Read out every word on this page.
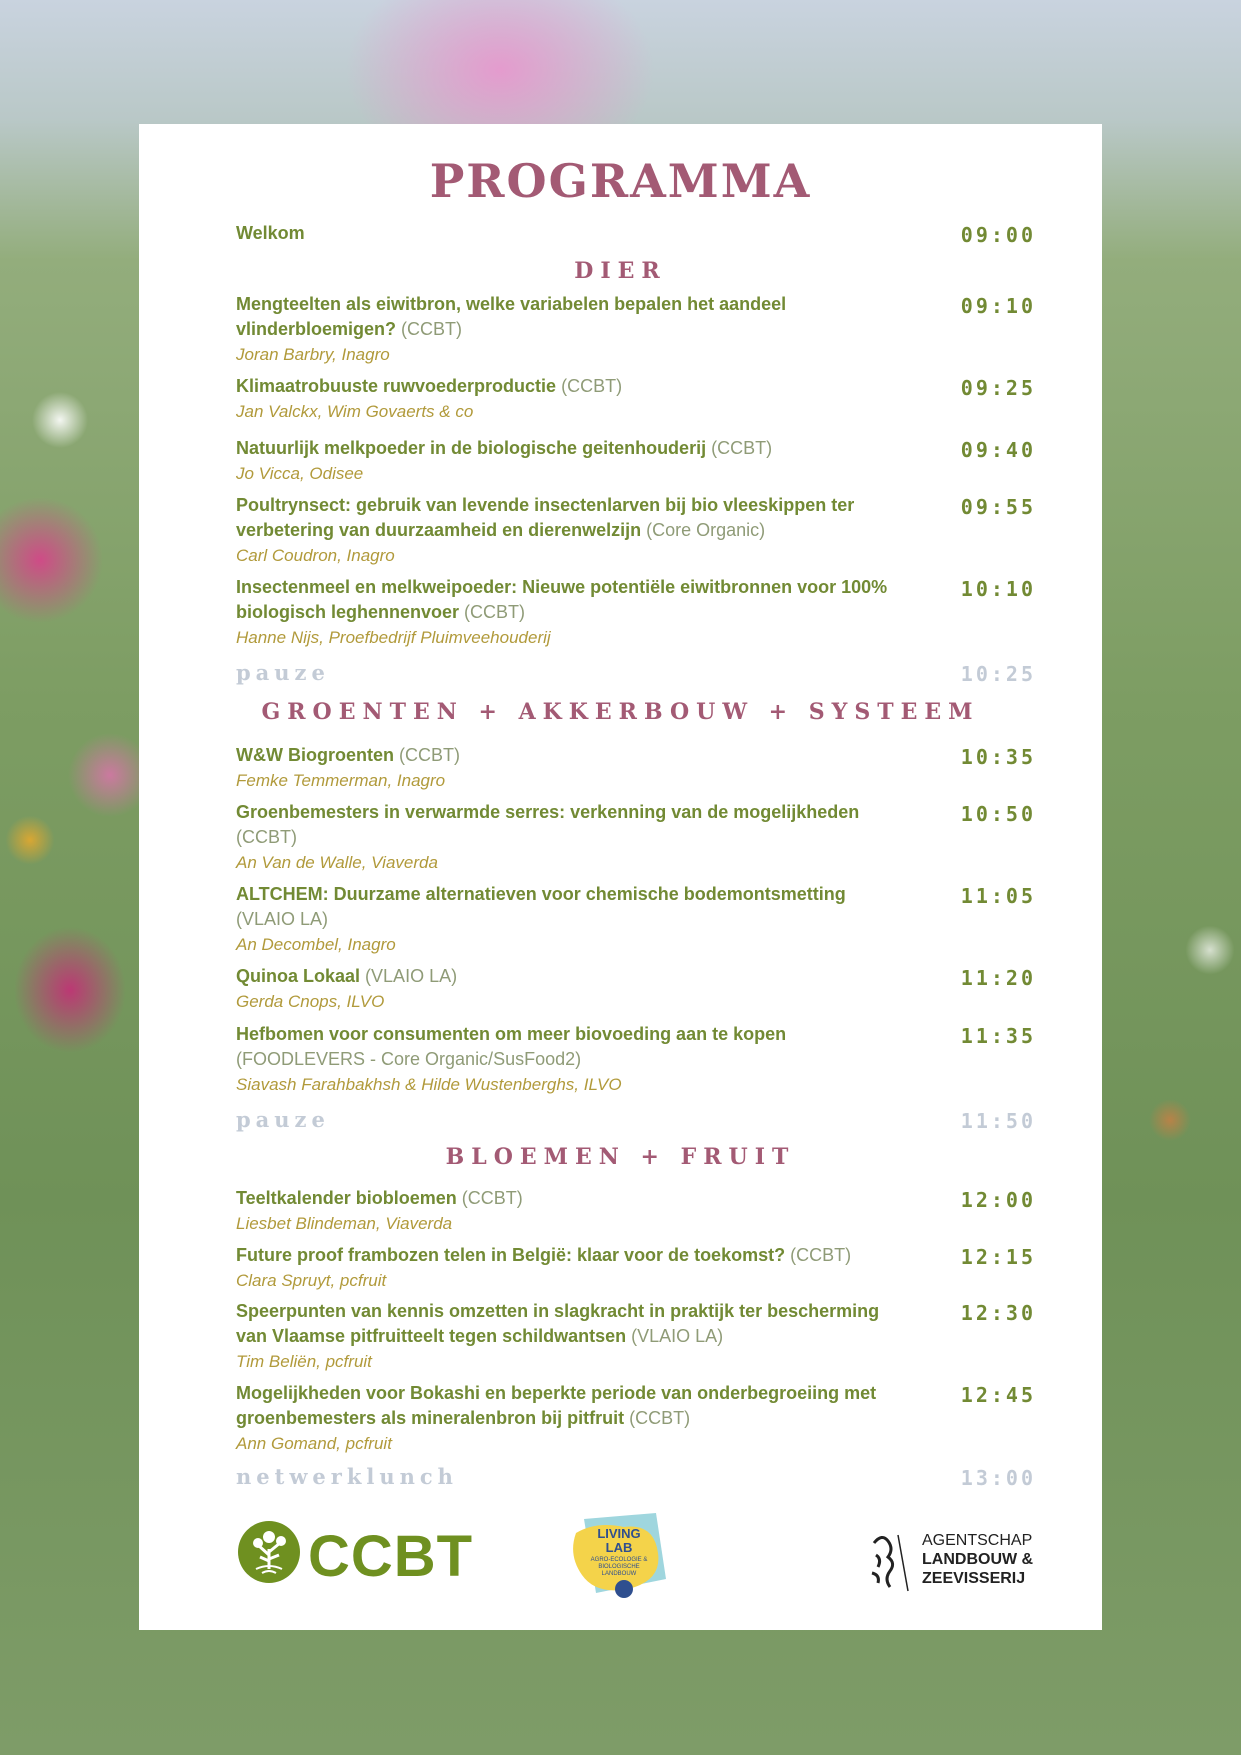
PROGRAMMA
Welkom	09:00
DIER
Mengteelten als eiwitbron, welke variabelen bepalen het aandeel vlinderbloemigen? (CCBT)
Joran Barbry, Inagro
09:10
Klimaatrobuuste ruwvoederproductie (CCBT)
Jan Valckx, Wim Govaerts & co
09:25
Natuurlijk melkpoeder in de biologische geitenhouderij (CCBT)
Jo Vicca, Odisee
09:40
Poultrynsect: gebruik van levende insectenlarven bij bio vleeskippen ter verbetering van duurzaamheid en dierenwelzijn (Core Organic)
Carl Coudron, Inagro
09:55
Insectenmeel en melkweipoeder: Nieuwe potentiële eiwitbronnen voor 100% biologisch leghennenvoer (CCBT)
Hanne Nijs, Proefbedrijf Pluimveehouderij
10:10
pauze	10:25
GROENTEN + AKKERBOUW + SYSTEEM
W&W Biogroenten (CCBT)
Femke Temmerman, Inagro
10:35
Groenbemesters in verwarmde serres: verkenning van de mogelijkheden (CCBT)
An Van de Walle, Viaverda
10:50
ALTCHEM: Duurzame alternatieven voor chemische bodemontsmetting (VLAIO LA)
An Decombel, Inagro
11:05
Quinoa Lokaal (VLAIO LA)
Gerda Cnops, ILVO
11:20
Hefbomen voor consumenten om meer biovoeding aan te kopen (FOODLEVERS - Core Organic/SusFood2)
Siavash Farahbakhsh & Hilde Wustenberghs, ILVO
11:35
pauze	11:50
BLOEMEN + FRUIT
Teeltkalender biobloemen (CCBT)
Liesbet Blindeman, Viaverda
12:00
Future proof frambozen telen in België: klaar voor de toekomst? (CCBT)
Clara Spruyt, pcfruit
12:15
Speerpunten van kennis omzetten in slagkracht in praktijk ter bescherming van Vlaamse pitfruitteelt tegen schildwantsen (VLAIO LA)
Tim Beliën, pcfruit
12:30
Mogelijkheden voor Bokashi en beperkte periode van onderbegroeiing met groenbemesters als mineralenbron bij pitfruit (CCBT)
Ann Gomand, pcfruit
12:45
netwerklunch	13:00
CCBT	LIVING
LAB
AGRO-ECOLOGIE & BIOLOGISCHE LANDBOUW
AGENTSCHAP
LANDBOUW &
ZEEVISSERIJ
